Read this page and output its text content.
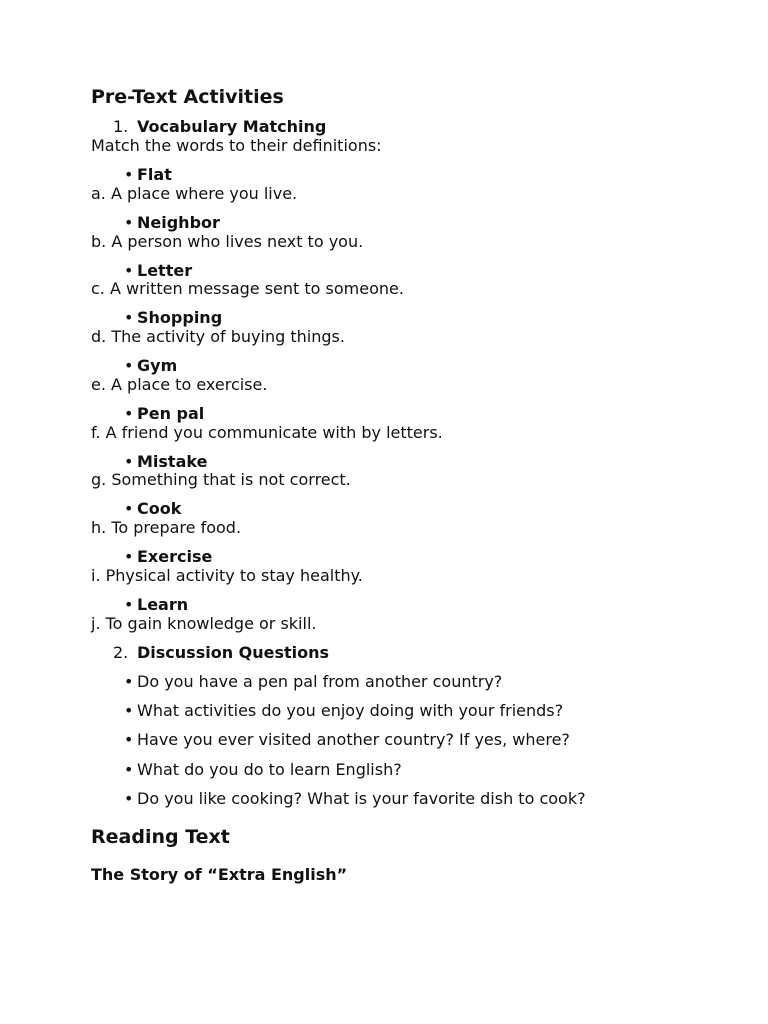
Pre-Text Activities
1. Vocabulary Matching
Match the words to their definitions:
• Flat
a. A place where you live.
• Neighbor
b. A person who lives next to you.
• Letter
c. A written message sent to someone.
• Shopping
d. The activity of buying things.
• Gym
e. A place to exercise.
• Pen pal
f. A friend you communicate with by letters.
• Mistake
g. Something that is not correct.
• Cook
h. To prepare food.
• Exercise
i. Physical activity to stay healthy.
• Learn
j. To gain knowledge or skill.
2. Discussion Questions
• Do you have a pen pal from another country?
• What activities do you enjoy doing with your friends?
• Have you ever visited another country? If yes, where?
• What do you do to learn English?
• Do you like cooking? What is your favorite dish to cook?
Reading Text
The Story of “Extra English”
